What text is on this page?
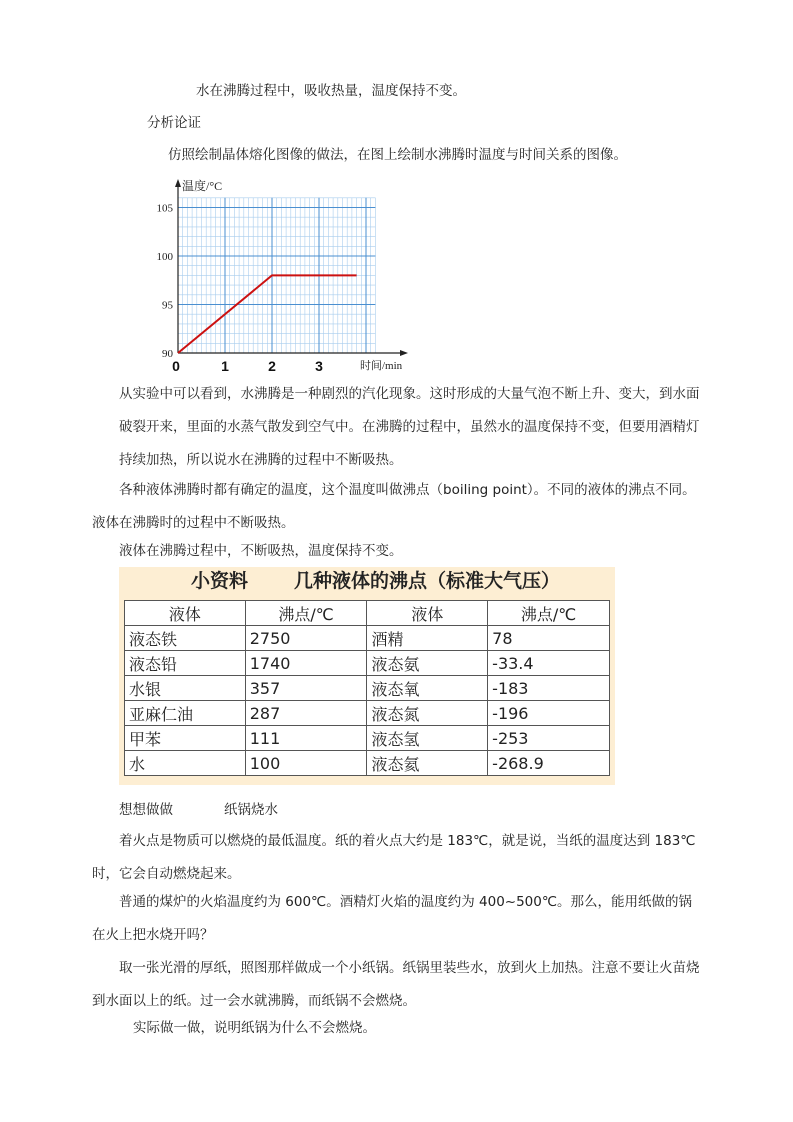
水在沸腾过程中，吸收热量，温度保持不变。
分析论证
仿照绘制晶体熔化图像的做法，在图上绘制水沸腾时温度与时间关系的图像。
温度/°C
时间/min
90
95
100
105
0	1	2	3
从实验中可以看到，水沸腾是一种剧烈的汽化现象。这时形成的大量气泡不断上升、变大，到水面破裂开来，里面的水蒸气散发到空气中。在沸腾的过程中，虽然水的温度保持不变，但要用酒精灯持续加热，所以说水在沸腾的过程中不断吸热。
各种液体沸腾时都有确定的温度，这个温度叫做沸点（boiling point）。不同的液体的沸点不同。液体在沸腾时的过程中不断吸热。
液体在沸腾过程中，不断吸热，温度保持不变。
小资料 几种液体的沸点（标准大气压）
液体	沸点/℃	液体	沸点/℃
液态铁	2750	酒精	78
液态铅	1740	液态氨	-33.4
水银	357	液态氧	-183
亚麻仁油	287	液态氮	-196
甲苯	111	液态氢	-253
水	100	液态氦	-268.9
想想做做	纸锅烧水
着火点是物质可以燃烧的最低温度。纸的着火点大约是 183℃，就是说，当纸的温度达到 183℃时，它会自动燃烧起来。
普通的煤炉的火焰温度约为 600℃。酒精灯火焰的温度约为 400~500℃。那么，能用纸做的锅在火上把水烧开吗？
取一张光滑的厚纸，照图那样做成一个小纸锅。纸锅里装些水，放到火上加热。注意不要让火苗烧到水面以上的纸。过一会水就沸腾，而纸锅不会燃烧。
实际做一做，说明纸锅为什么不会燃烧。
